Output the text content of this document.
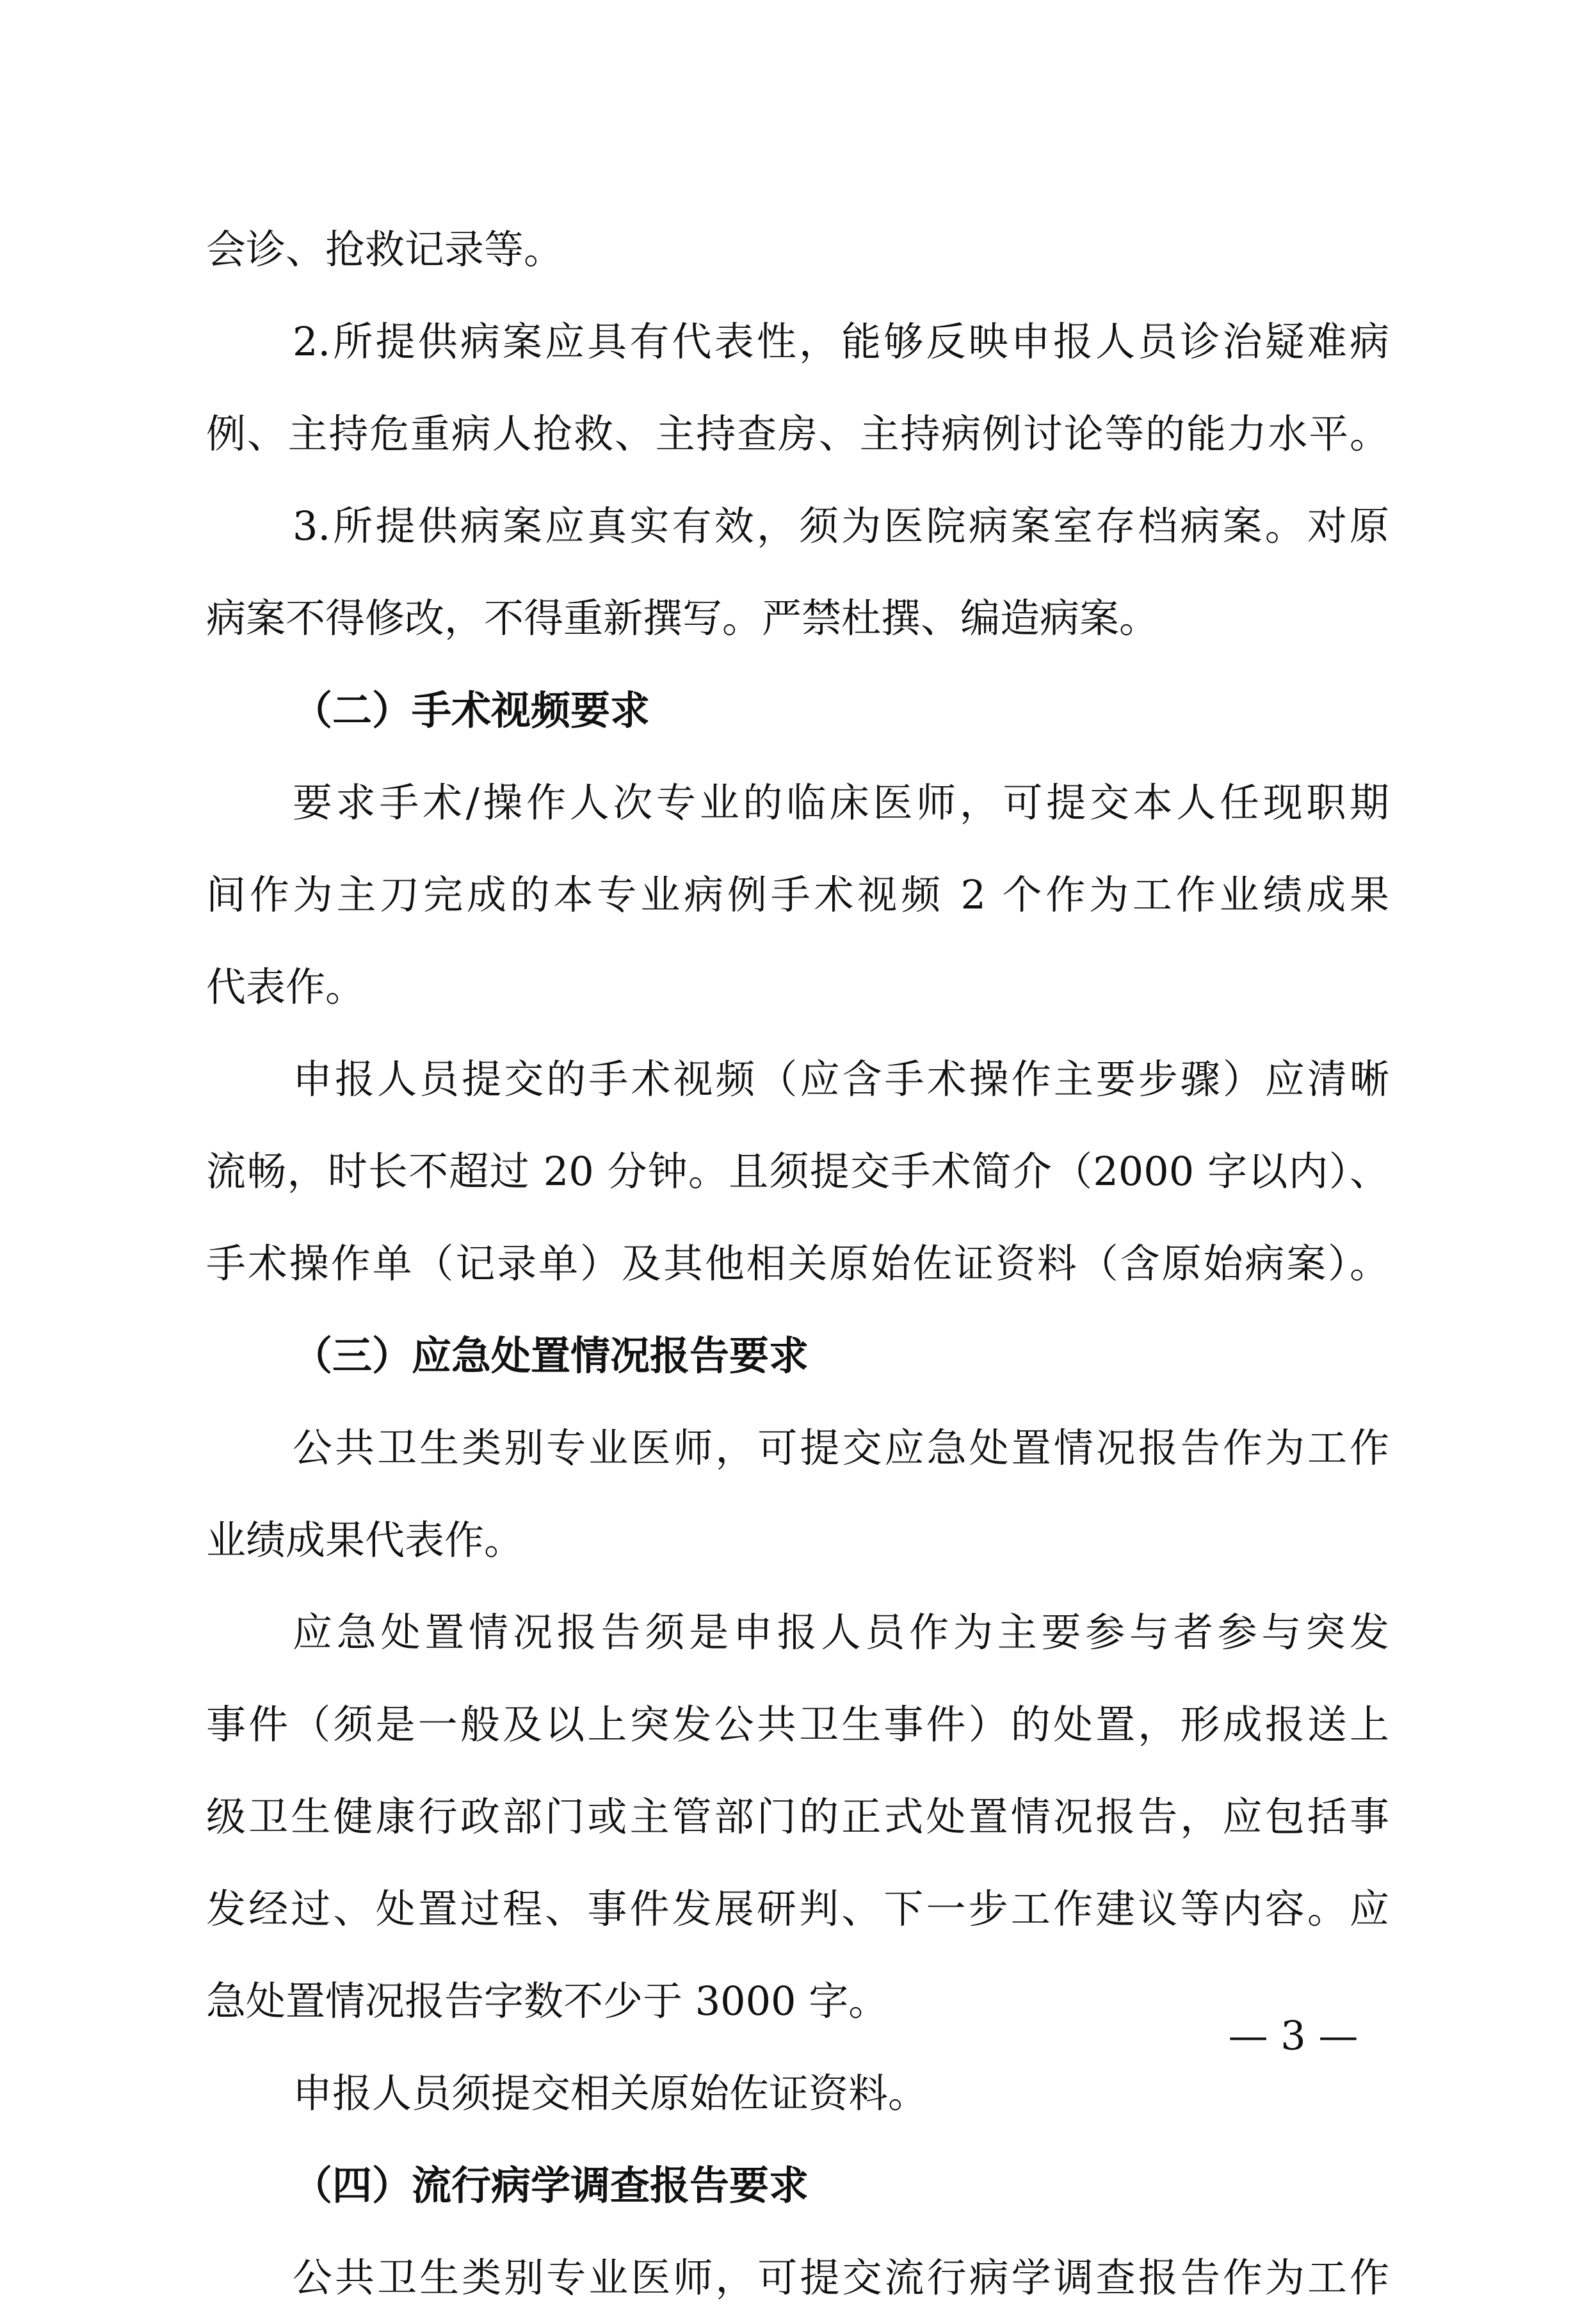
会诊、抢救记录等。
2.所提供病案应具有代表性，能够反映申报人员诊治疑难病
例、主持危重病人抢救、主持查房、主持病例讨论等的能力水平。
3.所提供病案应真实有效，须为医院病案室存档病案。对原
病案不得修改，不得重新撰写。严禁杜撰、编造病案。
（二）手术视频要求
要求手术/操作人次专业的临床医师，可提交本人任现职期
间作为主刀完成的本专业病例手术视频 2 个作为工作业绩成果
代表作。
申报人员提交的手术视频（应含手术操作主要步骤）应清晰
流畅，时长不超过 20 分钟。且须提交手术简介（2000 字以内）、
手术操作单（记录单）及其他相关原始佐证资料（含原始病案）。
（三）应急处置情况报告要求
公共卫生类别专业医师，可提交应急处置情况报告作为工作
业绩成果代表作。
应急处置情况报告须是申报人员作为主要参与者参与突发
事件（须是一般及以上突发公共卫生事件）的处置，形成报送上
级卫生健康行政部门或主管部门的正式处置情况报告，应包括事
发经过、处置过程、事件发展研判、下一步工作建议等内容。应
急处置情况报告字数不少于 3000 字。
申报人员须提交相关原始佐证资料。
（四）流行病学调查报告要求
公共卫生类别专业医师，可提交流行病学调查报告作为工作
— 3 —
